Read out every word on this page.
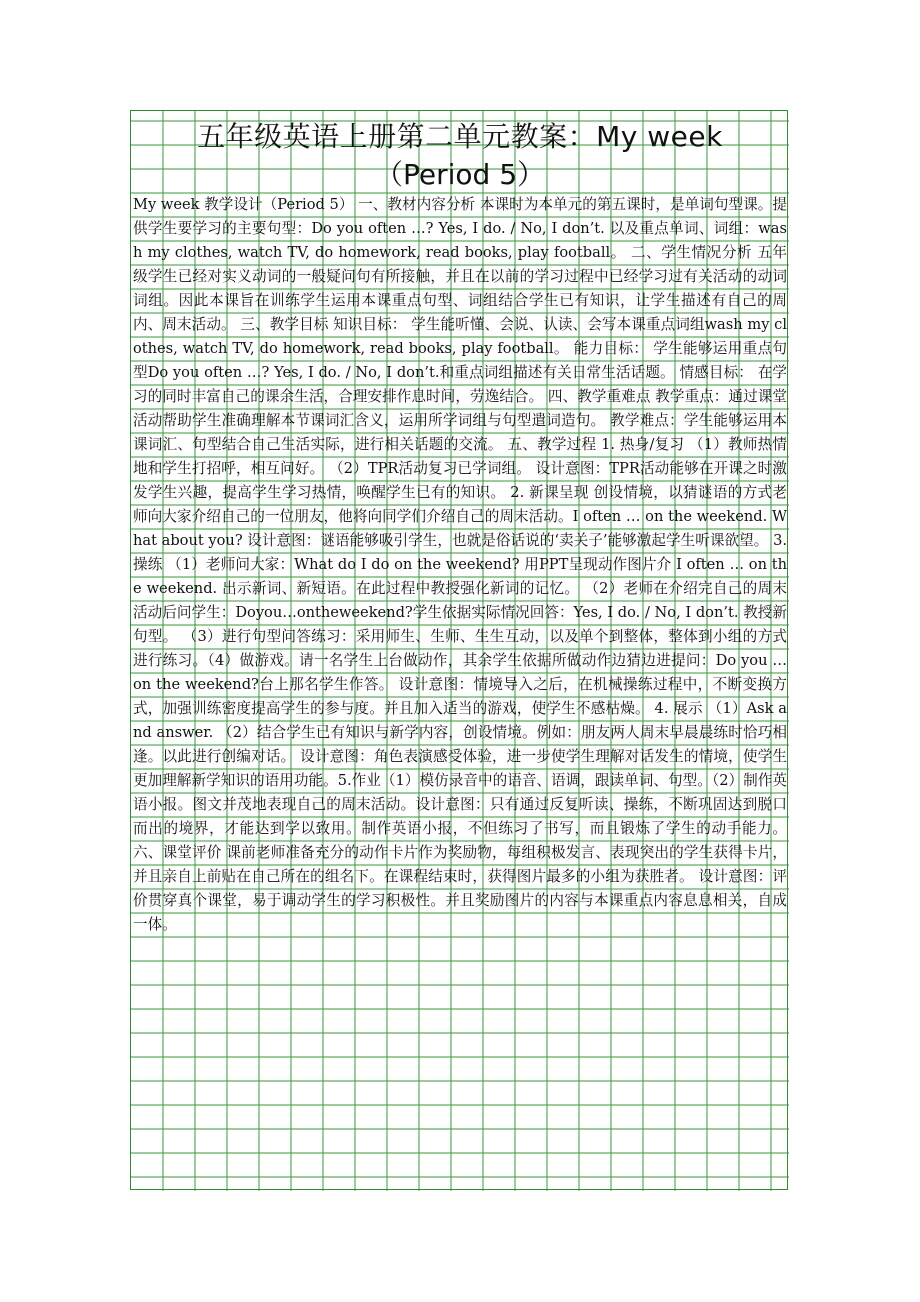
五年级英语上册第二单元教案：My week
（Period 5）
My week 教学设计（Period 5） 一、教材内容分析 本课时为本单元的第五课时，是单词句型课。提供学生要学习的主要句型：Do you often …? Yes, I do. / No, I don’t. 以及重点单词、词组：wash my clothes, watch TV, do homework, read books, play football。 二、学生情况分析 五年级学生已经对实义动词的一般疑问句有所接触，并且在以前的学习过程中已经学习过有关活动的动词词组。因此本课旨在训练学生运用本课重点句型、词组结合学生已有知识，让学生描述有自己的周内、周末活动。 三、教学目标 知识目标： 学生能听懂、会说、认读、会写本课重点词组wash my clothes, watch TV, do homework, read books, play football。 能力目标： 学生能够运用重点句型Do you often …? Yes, I do. / No, I don’t.和重点词组描述有关日常生活话题。 情感目标： 在学习的同时丰富自己的课余生活，合理安排作息时间，劳逸结合。 四、教学重难点 教学重点：通过课堂活动帮助学生准确理解本节课词汇含义，运用所学词组与句型遣词造句。 教学难点：学生能够运用本课词汇、句型结合自己生活实际，进行相关话题的交流。 五、教学过程 1. 热身/复习 （1）教师热情地和学生打招呼，相互问好。 （2）TPR活动复习已学词组。 设计意图：TPR活动能够在开课之时激发学生兴趣，提高学生学习热情，唤醒学生已有的知识。 2. 新课呈现 创设情境，以猜谜语的方式老师向大家介绍自己的一位朋友，他将向同学们介绍自己的周末活动。I often … on the weekend. What about you? 设计意图：谜语能够吸引学生，也就是俗话说的‘卖关子’能够激起学生听课欲望。 3.操练 （1）老师问大家：What do I do on the weekend? 用PPT呈现动作图片介 I often … on the weekend. 出示新词、新短语。在此过程中教授强化新词的记忆。 （2）老师在介绍完自己的周末活动后问学生：Doyou…ontheweekend?学生依据实际情况回答：Yes, I do. / No, I don’t. 教授新句型。 （3）进行句型问答练习：采用师生、生师、生生互动，以及单个到整体，整体到小组的方式进行练习。（4）做游戏。请一名学生上台做动作，其余学生依据所做动作边猜边进提问：Do you … on the weekend?台上那名学生作答。 设计意图：情境导入之后，在机械操练过程中，不断变换方式，加强训练密度提高学生的参与度。并且加入适当的游戏，使学生不感枯燥。 4. 展示 （1）Ask and answer. （2）结合学生已有知识与新学内容，创设情境。例如：朋友两人周末早晨晨练时恰巧相逢。以此进行创编对话。 设计意图：角色表演感受体验，进一步使学生理解对话发生的情境，使学生更加理解新学知识的语用功能。5.作业（1）模仿录音中的语音、语调，跟读单词、句型。（2）制作英语小报。图文并茂地表现自己的周末活动。设计意图：只有通过反复听读、操练，不断巩固达到脱口而出的境界，才能达到学以致用。制作英语小报，不但练习了书写，而且锻炼了学生的动手能力。 六、课堂评价 课前老师准备充分的动作卡片作为奖励物，每组积极发言、表现突出的学生获得卡片，并且亲自上前贴在自己所在的组名下。在课程结束时，获得图片最多的小组为获胜者。 设计意图：评价贯穿真个课堂，易于调动学生的学习积极性。并且奖励图片的内容与本课重点内容息息相关，自成一体。
